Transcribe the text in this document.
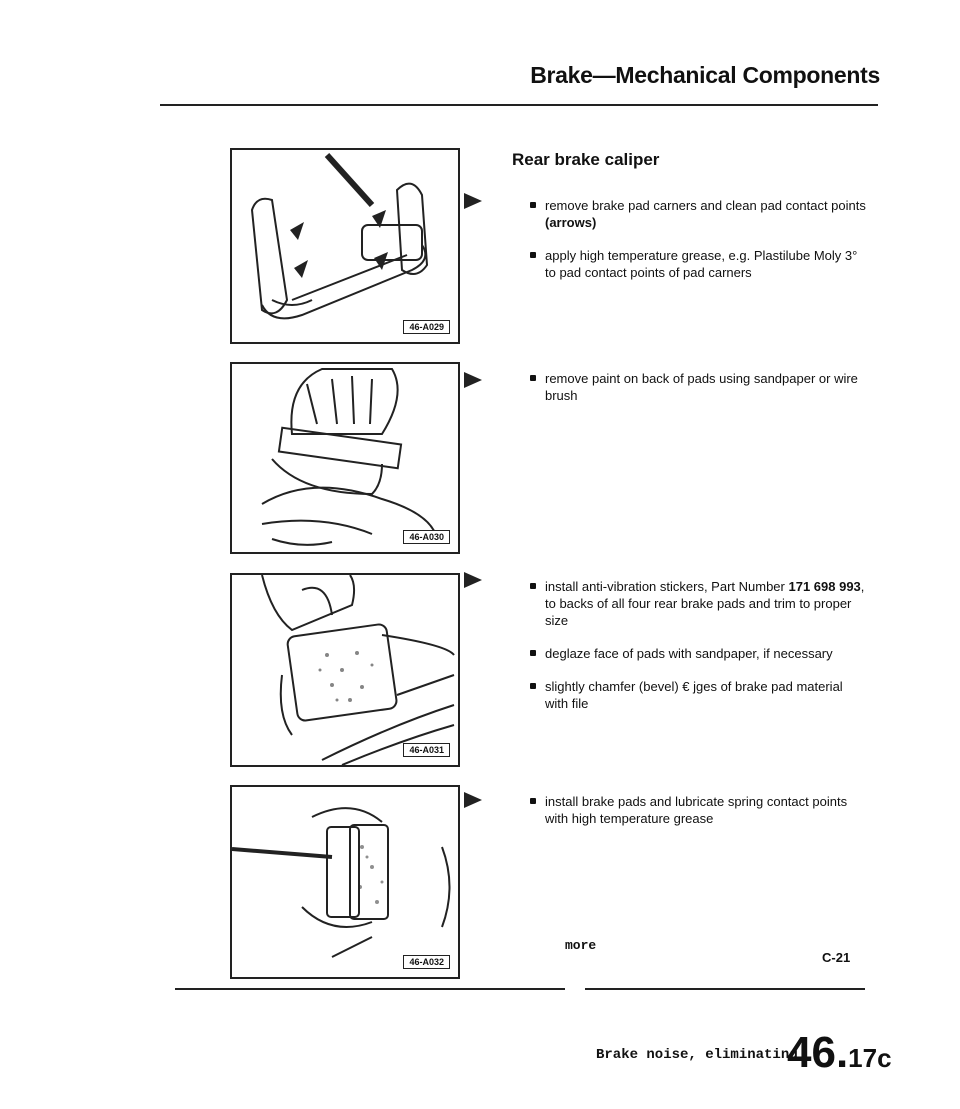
Brake—Mechanical Components
46-A029
46-A030
46-A031
46-A032
Rear brake caliper
remove brake pad carners and clean pad contact points (arrows)
apply high temperature grease, e.g. Plastilube Moly 3° to pad contact points of pad carners
remove paint on back of pads using sandpaper or wire brush
install anti-vibration stickers, Part Number 171 698 993, to backs of all four rear brake pads and trim to proper size
deglaze face of pads with sandpaper, if necessary
slightly chamfer (bevel) € jges of brake pad material with file
install brake pads and lubricate spring contact points with high temperature grease
more
C-21
Brake noise, eliminating
46.17c
